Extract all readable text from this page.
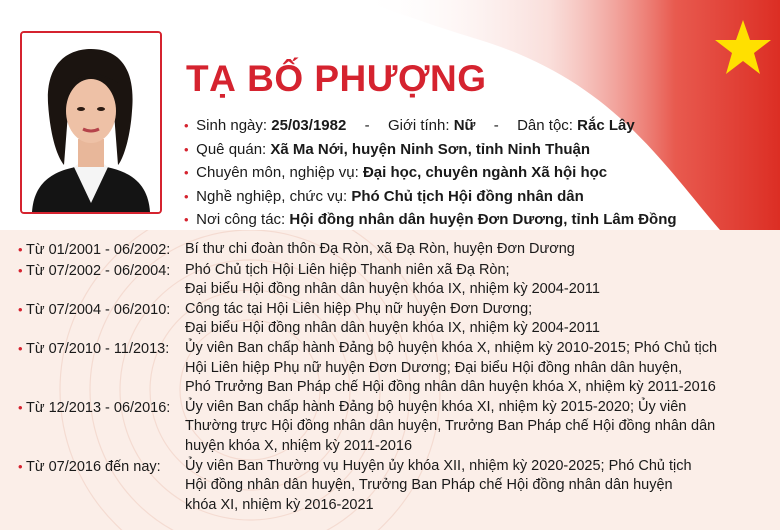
TẠ BỐ PHƯỢNG
• Sinh ngày: 25/03/1982 - Giới tính: Nữ - Dân tộc: Rắc Lây
• Quê quán: Xã Ma Nới, huyện Ninh Sơn, tỉnh Ninh Thuận
• Chuyên môn, nghiệp vụ: Đại học, chuyên ngành Xã hội học
• Nghề nghiệp, chức vụ: Phó Chủ tịch Hội đồng nhân dân
• Nơi công tác: Hội đồng nhân dân huyện Đơn Dương, tỉnh Lâm Đồng
• Từ 01/2001 - 06/2002:	Bí thư chi đoàn thôn Đạ Ròn, xã Đạ Ròn, huyện Đơn Dương
• Từ 07/2002 - 06/2004:	Phó Chủ tịch Hội Liên hiệp Thanh niên xã Đạ Ròn;
Đại biểu Hội đồng nhân dân huyện khóa IX, nhiệm kỳ 2004-2011
• Từ 07/2004 - 06/2010:	Công tác tại Hội Liên hiệp Phụ nữ huyện Đơn Dương;
Đại biểu Hội đồng nhân dân huyện khóa IX, nhiệm kỳ 2004-2011
• Từ 07/2010 - 11/2013:	Ủy viên Ban chấp hành Đảng bộ huyện khóa X, nhiệm kỳ 2010-2015; Phó Chủ tịch
Hội Liên hiệp Phụ nữ huyện Đơn Dương; Đại biểu Hội đồng nhân dân huyện,
Phó Trưởng Ban Pháp chế Hội đồng nhân dân huyện khóa X, nhiệm kỳ 2011-2016
• Từ 12/2013 - 06/2016:	Ủy viên Ban chấp hành Đảng bộ huyện khóa XI, nhiệm kỳ 2015-2020; Ủy viên
Thường trực Hội đồng nhân dân huyện, Trưởng Ban Pháp chế Hội đồng nhân dân
huyện khóa X, nhiệm kỳ 2011-2016
• Từ 07/2016 đến nay:	Ủy viên Ban Thường vụ Huyện ủy khóa XII, nhiệm kỳ 2020-2025; Phó Chủ tịch
Hội đồng nhân dân huyện, Trưởng Ban Pháp chế Hội đồng nhân dân huyện
khóa XI, nhiệm kỳ 2016-2021
